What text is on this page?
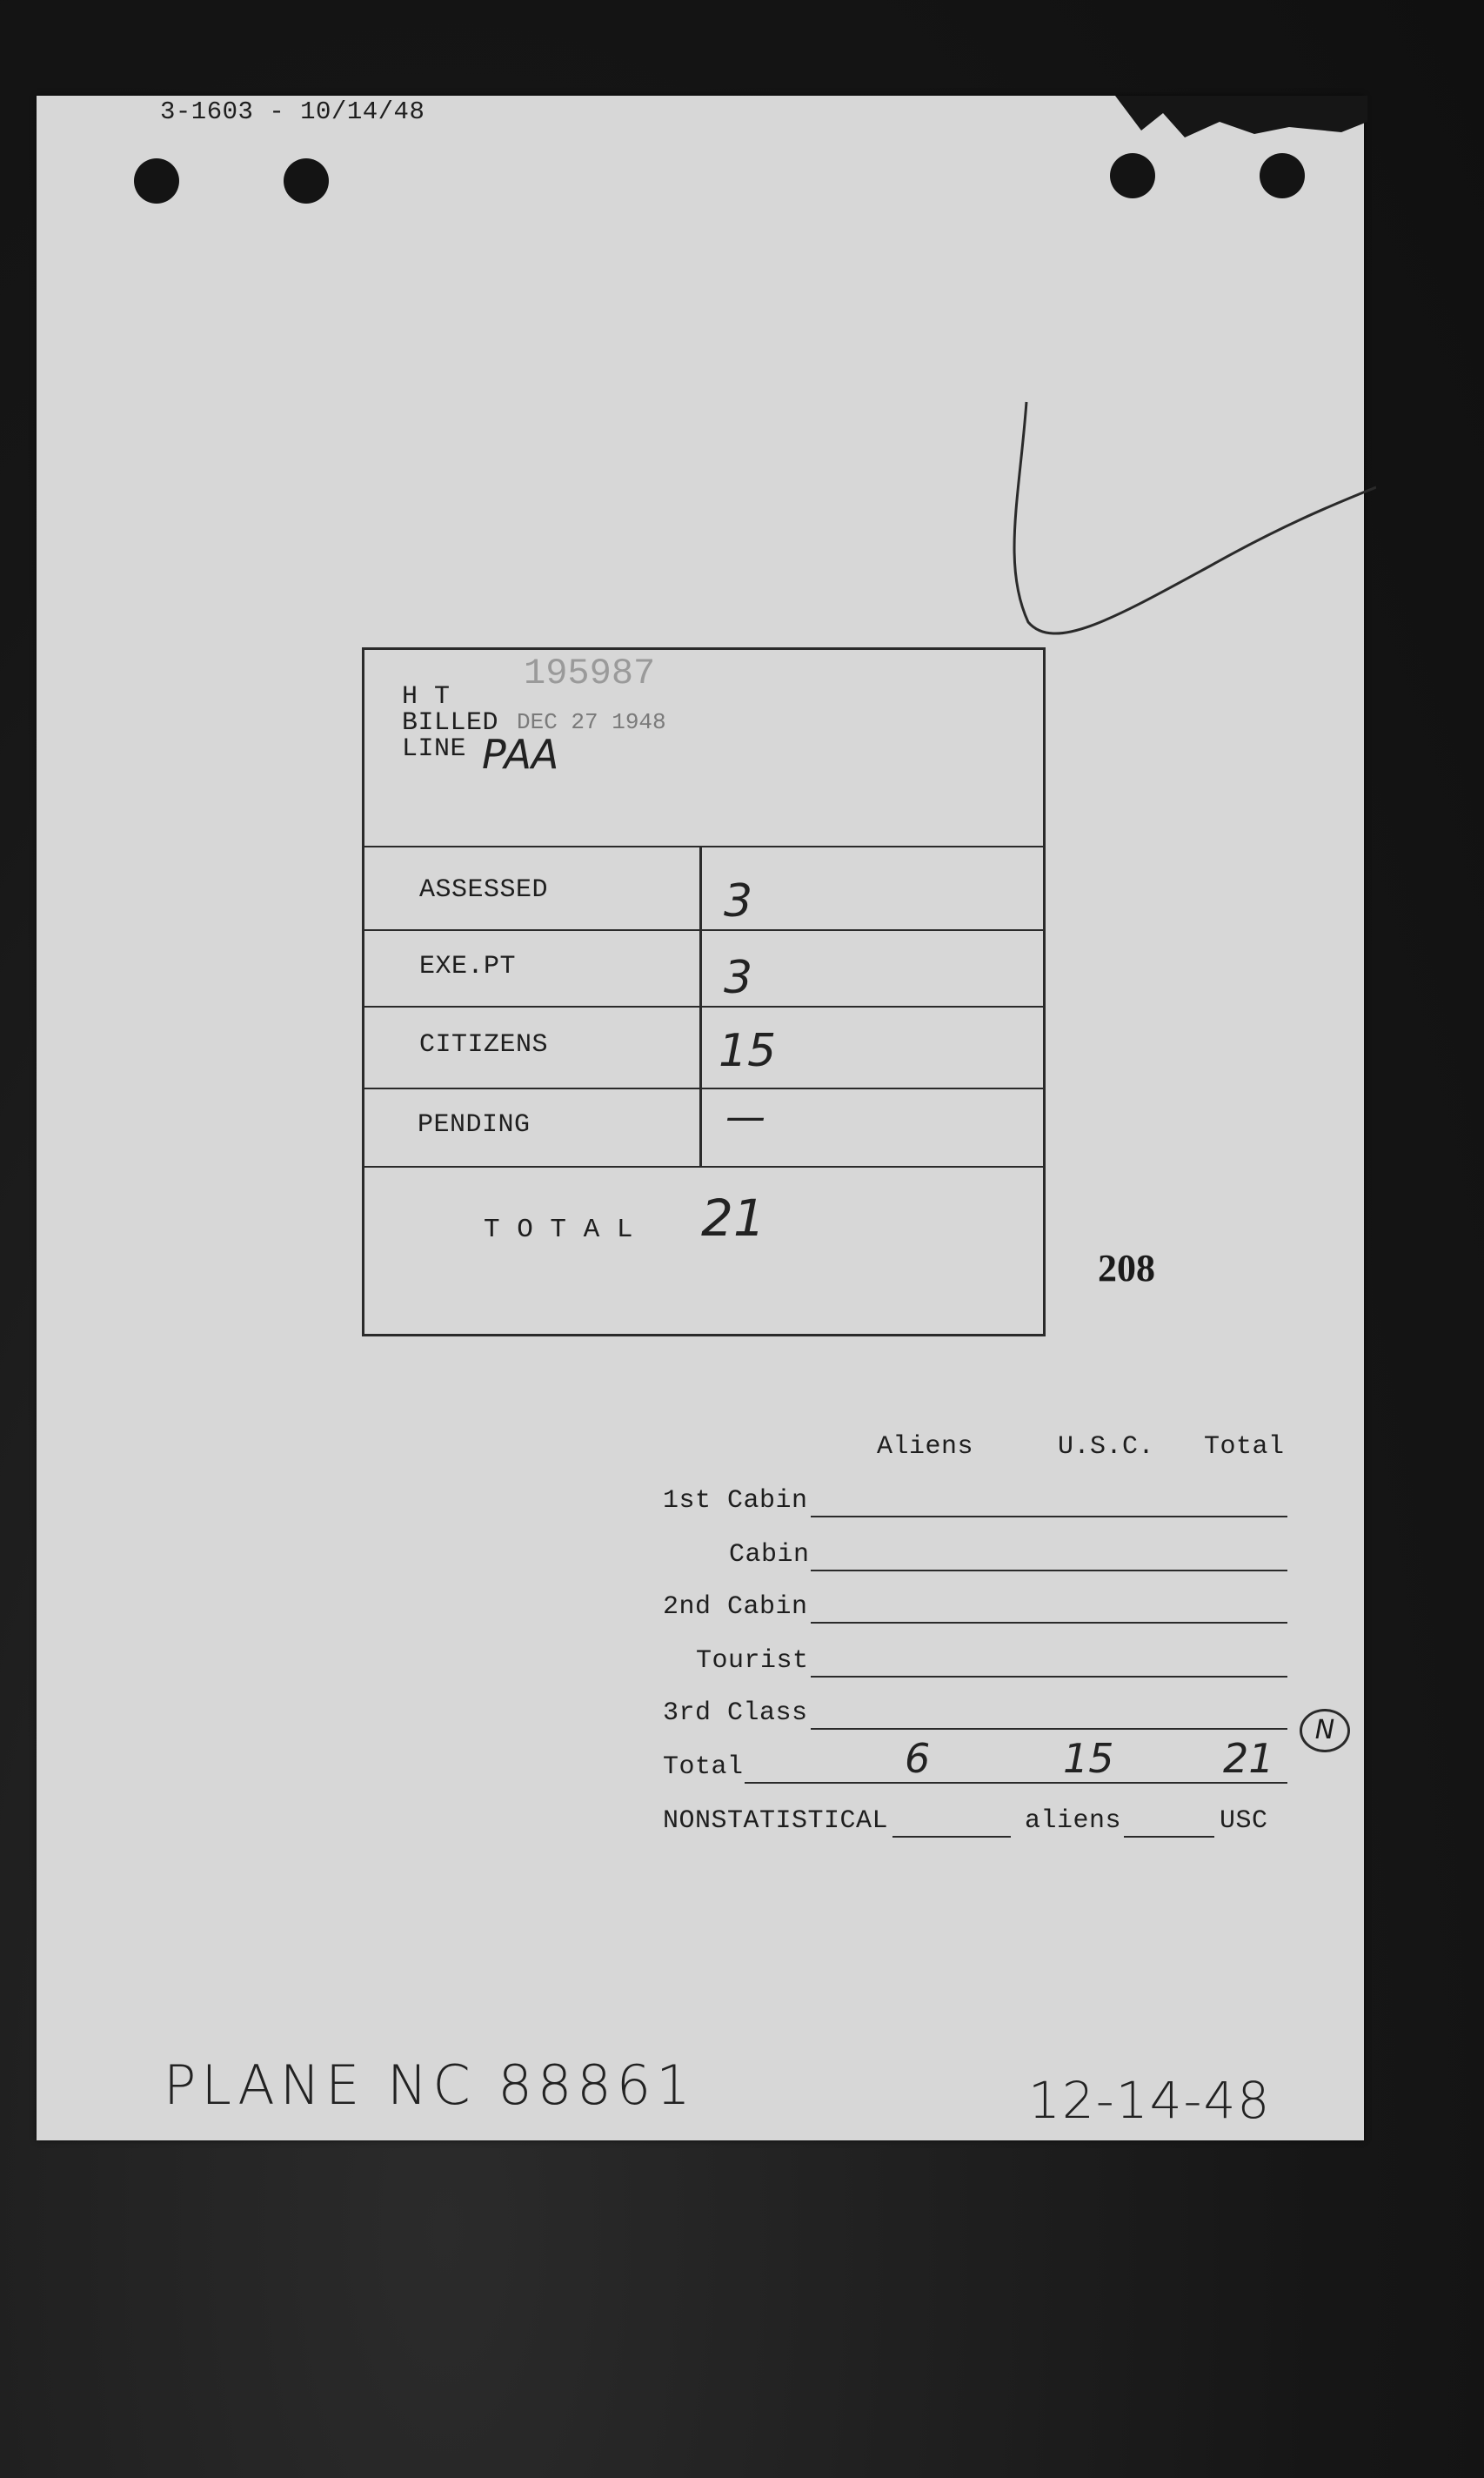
3-1603 - 10/14/48
195987
H T
BILLED
LINE
DEC 27 1948
PAA
ASSESSED	3
EXE.PT	3
CITIZENS	15
PENDING	—
T O T A L 21
208
Aliens	U.S.C. Total
1st Cabin
Cabin
2nd Cabin
Tourist
3rd Class
Total	6	15	21
N
NONSTATISTICAL	aliens	USC
PLANE NC 88861	12-14-48
